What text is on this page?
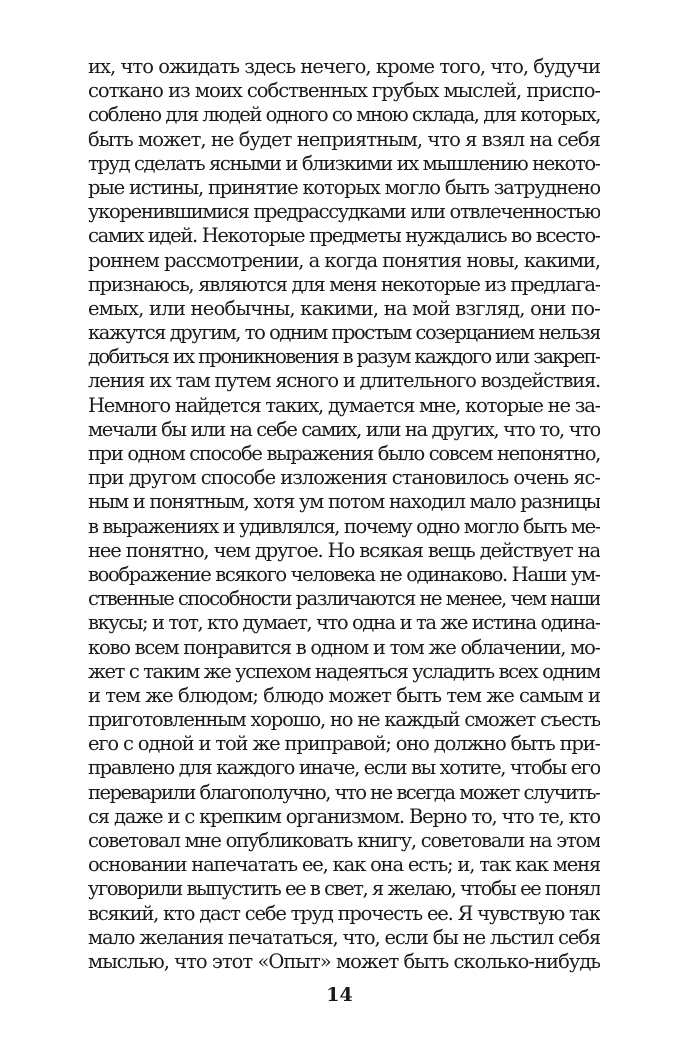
их, что ожидать здесь нечего, кроме того, что, будучи
сотканo из моих собственных грубых мыслей, приспо-
соблено для людей одного со мною склада, для которых,
быть может, не будет неприятным, что я взял на себя
труд сделать ясными и близкими их мышлению некото-
рые истины, принятие которых могло быть затруднено
укоренившимися предрассудками или отвлеченностью
самих идей. Некоторые предметы нуждались во всесто-
роннем рассмотрении, а когда понятия новы, какими,
признаюсь, являются для меня некоторые из предлага-
емых, или необычны, какими, на мой взгляд, они по-
кажутся другим, то одним простым созерцанием нельзя
добиться их проникновения в разум каждого или закреп-
ления их там путем ясного и длительного воздействия.
Немного найдется таких, думается мне, которые не за-
мечали бы или на себе самих, или на других, что то, что
при одном способе выражения было совсем непонятно,
при другом способе изложения становилось очень яс-
ным и понятным, хотя ум потом находил мало разницы
в выражениях и удивлялся, почему одно могло быть ме-
нее понятно, чем другое. Но всякая вещь действует на
воображение всякого человека не одинаково. Наши ум-
ственные способности различаются не менее, чем наши
вкусы; и тот, кто думает, что одна и та же истина одина-
ково всем понравится в одном и том же облачении, мо-
жет с таким же успехом надеяться усладить всех одним
и тем же блюдом; блюдо может быть тем же самым и
приготовленным хорошо, но не каждый сможет съесть
его с одной и той же приправой; оно должно быть при-
правлено для каждого иначе, если вы хотите, чтобы его
переварили благополучно, что не всегда может случить-
ся даже и с крепким организмом. Верно то, что те, кто
советовал мне опубликовать книгу, советовали на этом
основании напечатать ее, как она есть; и, так как меня
уговорили выпустить ее в свет, я желаю, чтобы ее понял
всякий, кто даст себе труд прочесть ее. Я чувствую так
мало желания печататься, что, если бы не льстил себя
мыслью, что этот «Опыт» может быть сколько-нибудь
14
